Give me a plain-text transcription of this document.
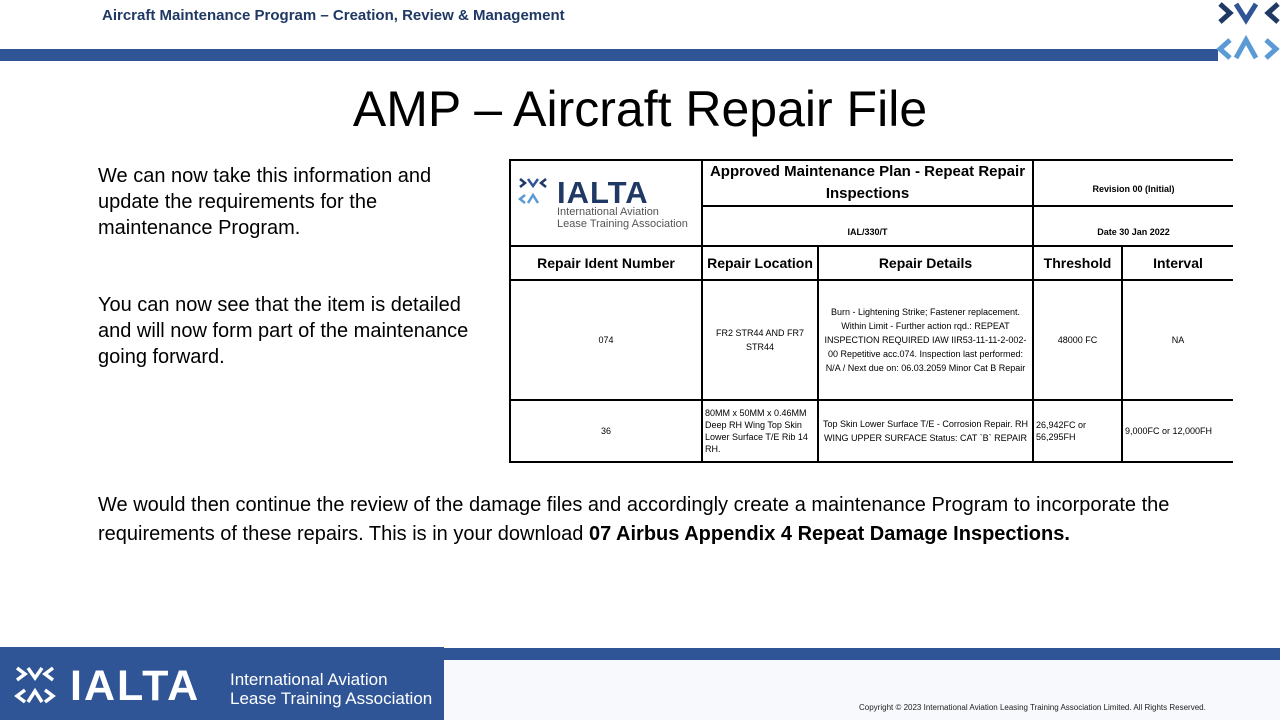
Aircraft Maintenance Program – Creation, Review & Management
AMP – Aircraft Repair File
We can now take this information and update the requirements for the maintenance Program.
You can now see that the item is detailed and will now form part of the maintenance going forward.
We would then continue the review of the damage files and accordingly create a maintenance Program to incorporate the requirements of these repairs. This is in your download 07 Airbus Appendix 4 Repeat Damage Inspections.
IALTA
International Aviation
Lease Training Association	Approved Maintenance Plan - Repeat Repair Inspections		Revision 00 (Initial)	
	IAL/330/T		Date 30 Jan 2022	
Repair Ident Number	Repair Location	Repair Details	Threshold	Interval
074	FR2 STR44 AND FR7 STR44	Burn - Lightening Strike; Fastener replacement. Within Limit - Further action rqd.: REPEAT INSPECTION REQUIRED IAW IIR53-11-11-2-002-00 Repetitive acc.074. Inspection last performed: N/A / Next due on: 06.03.2059 Minor Cat B Repair	48000 FC	NA
36	80MM x 50MM x 0.46MM Deep RH Wing Top Skin Lower Surface T/E Rib 14 RH.	Top Skin Lower Surface T/E - Corrosion Repair. RH WING UPPER SURFACE Status: CAT `B` REPAIR	26,942FC or 56,295FH	9,000FC or 12,000FH
IALTA International Aviation
Lease Training Association	Copyright © 2023 International Aviation Leasing Training Association Limited. All Rights Reserved.
